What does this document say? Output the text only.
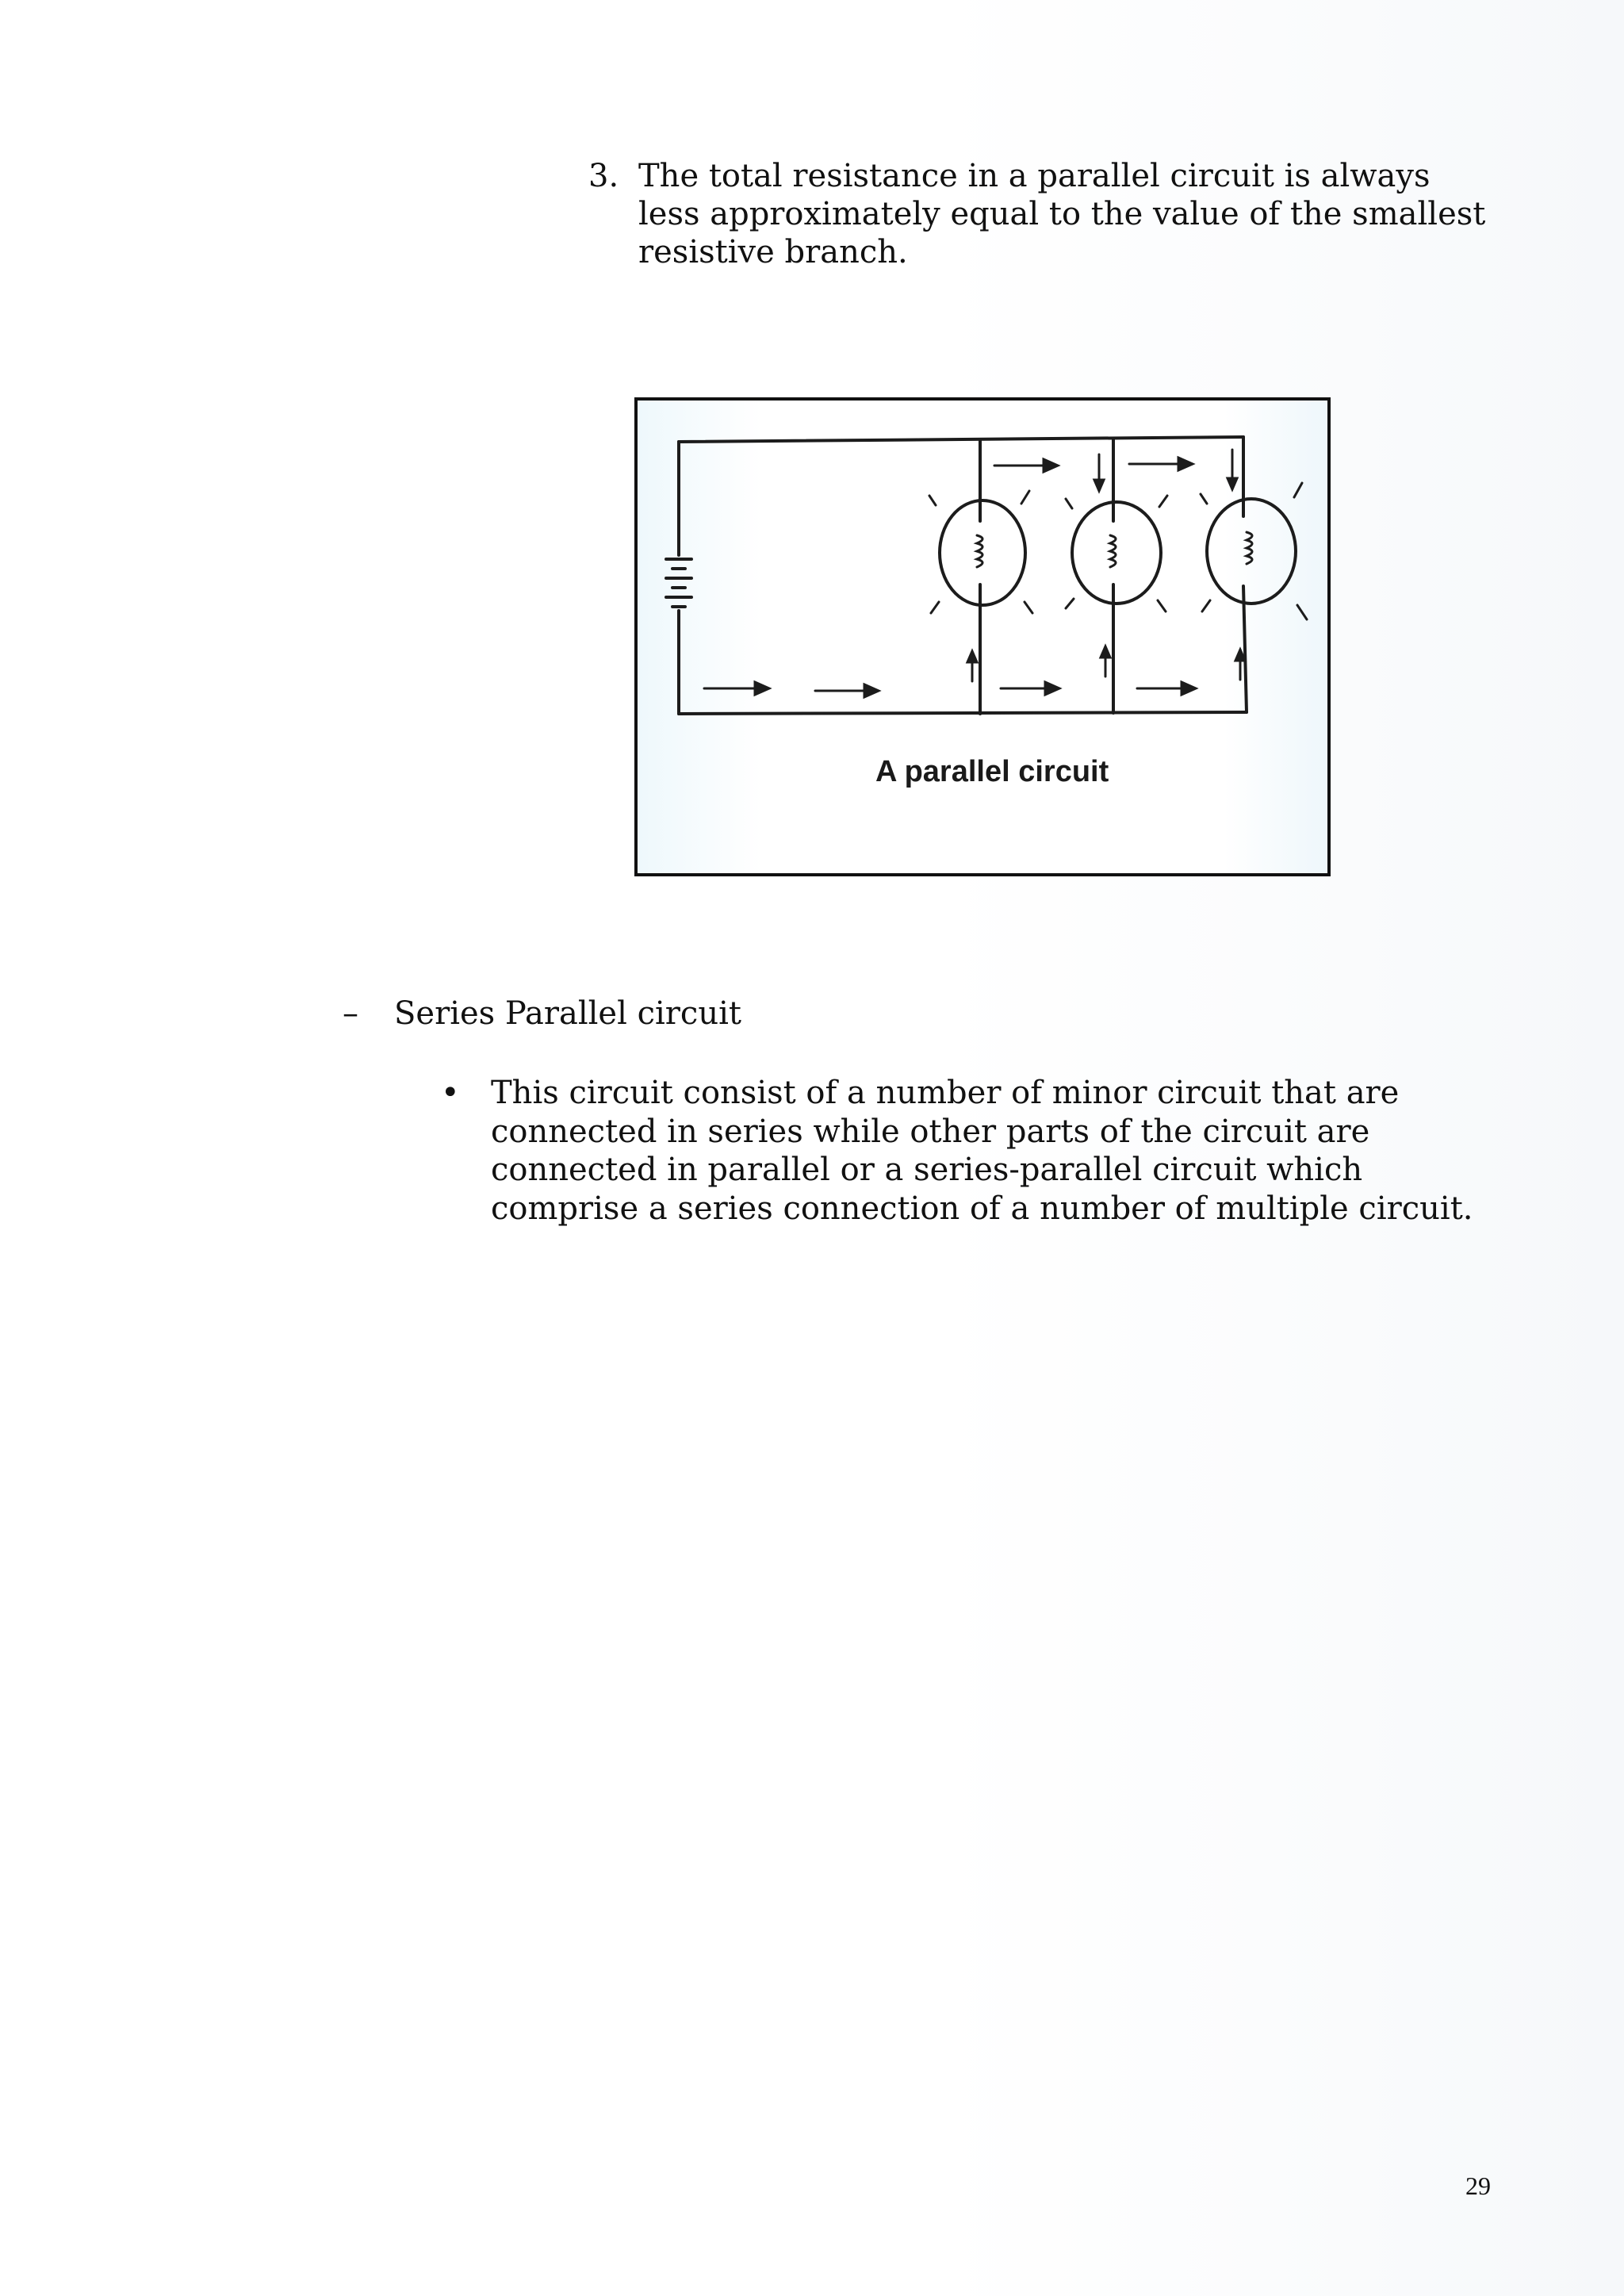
3. The total resistance in a parallel circuit is always
less approximately equal to the value of the smallest
resistive branch.
A parallel circuit
– Series Parallel circuit
• This circuit consist of a number of minor circuit that are
connected in series while other parts of the circuit are
connected in parallel or a series-parallel circuit which
comprise a series connection of a number of multiple circuit.
29
